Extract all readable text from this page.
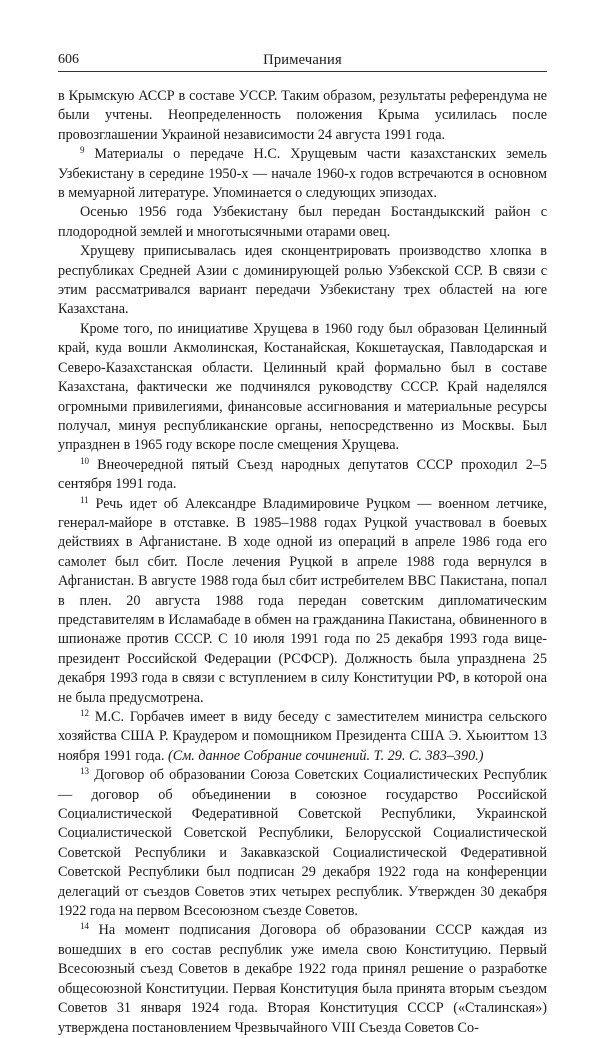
606	Примечания

в Крымскую АССР в составе УССР. Таким образом, результаты референдума не были учтены. Неопределенность положения Крыма усилилась после провозглашении Украиной независимости 24 августа 1991 года.

$^9$ Материалы о передаче Н.С. Хрущевым части казахстанских земель Узбекистану в середине 1950-х — начале 1960-х годов встречаются в основном в мемуарной литературе. Упоминается о следующих эпизодах.

Осенью 1956 года Узбекистану был передан Бостандыкский район с плодородной землей и многотысячными отарами овец.

Хрущеву приписывалась идея сконцентрировать производство хлопка в республиках Средней Азии с доминирующей ролью Узбекской ССР. В связи с этим рассматривался вариант передачи Узбекистану трех областей на юге Казахстана.

Кроме того, по инициативе Хрущева в 1960 году был образован Целинный край, куда вошли Акмолинская, Костанайская, Кокшетауская, Павлодарская и Северо-Казахстанская области. Целинный край формально был в составе Казахстана, фактически же подчинялся руководству СССР. Край наделялся огромными привилегиями, финансовые ассигнования и материальные ресурсы получал, минуя республиканские органы, непосредственно из Москвы. Был упразднен в 1965 году вскоре после смещения Хрущева.

$^{10}$ Внеочередной пятый Съезд народных депутатов СССР проходил 2–5 сентября 1991 года.

$^{11}$ Речь идет об Александре Владимировиче Руцком — военном летчике, генерал-майоре в отставке. В 1985–1988 годах Руцкой участвовал в боевых действиях в Афганистане. В ходе одной из операций в апреле 1986 года его самолет был сбит. После лечения Руцкой в апреле 1988 года вернулся в Афганистан. В августе 1988 года был сбит истребителем ВВС Пакистана, попал в плен. 20 августа 1988 года передан советским дипломатическим представителям в Исламабаде в обмен на гражданина Пакистана, обвиненного в шпионаже против СССР. С 10 июля 1991 года по 25 декабря 1993 года вице-президент Российской Федерации (РСФСР). Должность была упразднена 25 декабря 1993 года в связи с вступлением в силу Конституции РФ, в которой она не была предусмотрена.

$^{12}$ М.С. Горбачев имеет в виду беседу с заместителем министра сельского хозяйства США Р. Краудером и помощником Президента США Э. Хьюиттом 13 ноября 1991 года. (См. данное Собрание сочинений. Т. 29. С. 383–390.)

$^{13}$ Договор об образовании Союза Советских Социалистических Республик — договор об объединении в союзное государство Российской Социалистической Федеративной Советской Республики, Украинской Социалистической Советской Республики, Белорусской Социалистической Советской Республики и Закавказской Социалистической Федеративной Советской Республики был подписан 29 декабря 1922 года на конференции делегаций от съездов Советов этих четырех республик. Утвержден 30 декабря 1922 года на первом Всесоюзном съезде Советов.

$^{14}$ На момент подписания Договора об образовании СССР каждая из вошедших в его состав республик уже имела свою Конституцию. Первый Всесоюзный съезд Советов в декабре 1922 года принял решение о разработке общесоюзной Конституции. Первая Конституция была принята вторым съездом Советов 31 января 1924 года. Вторая Конституция СССР («Сталинская») утверждена постановлением Чрезвычайного VIII Съезда Советов Со-
